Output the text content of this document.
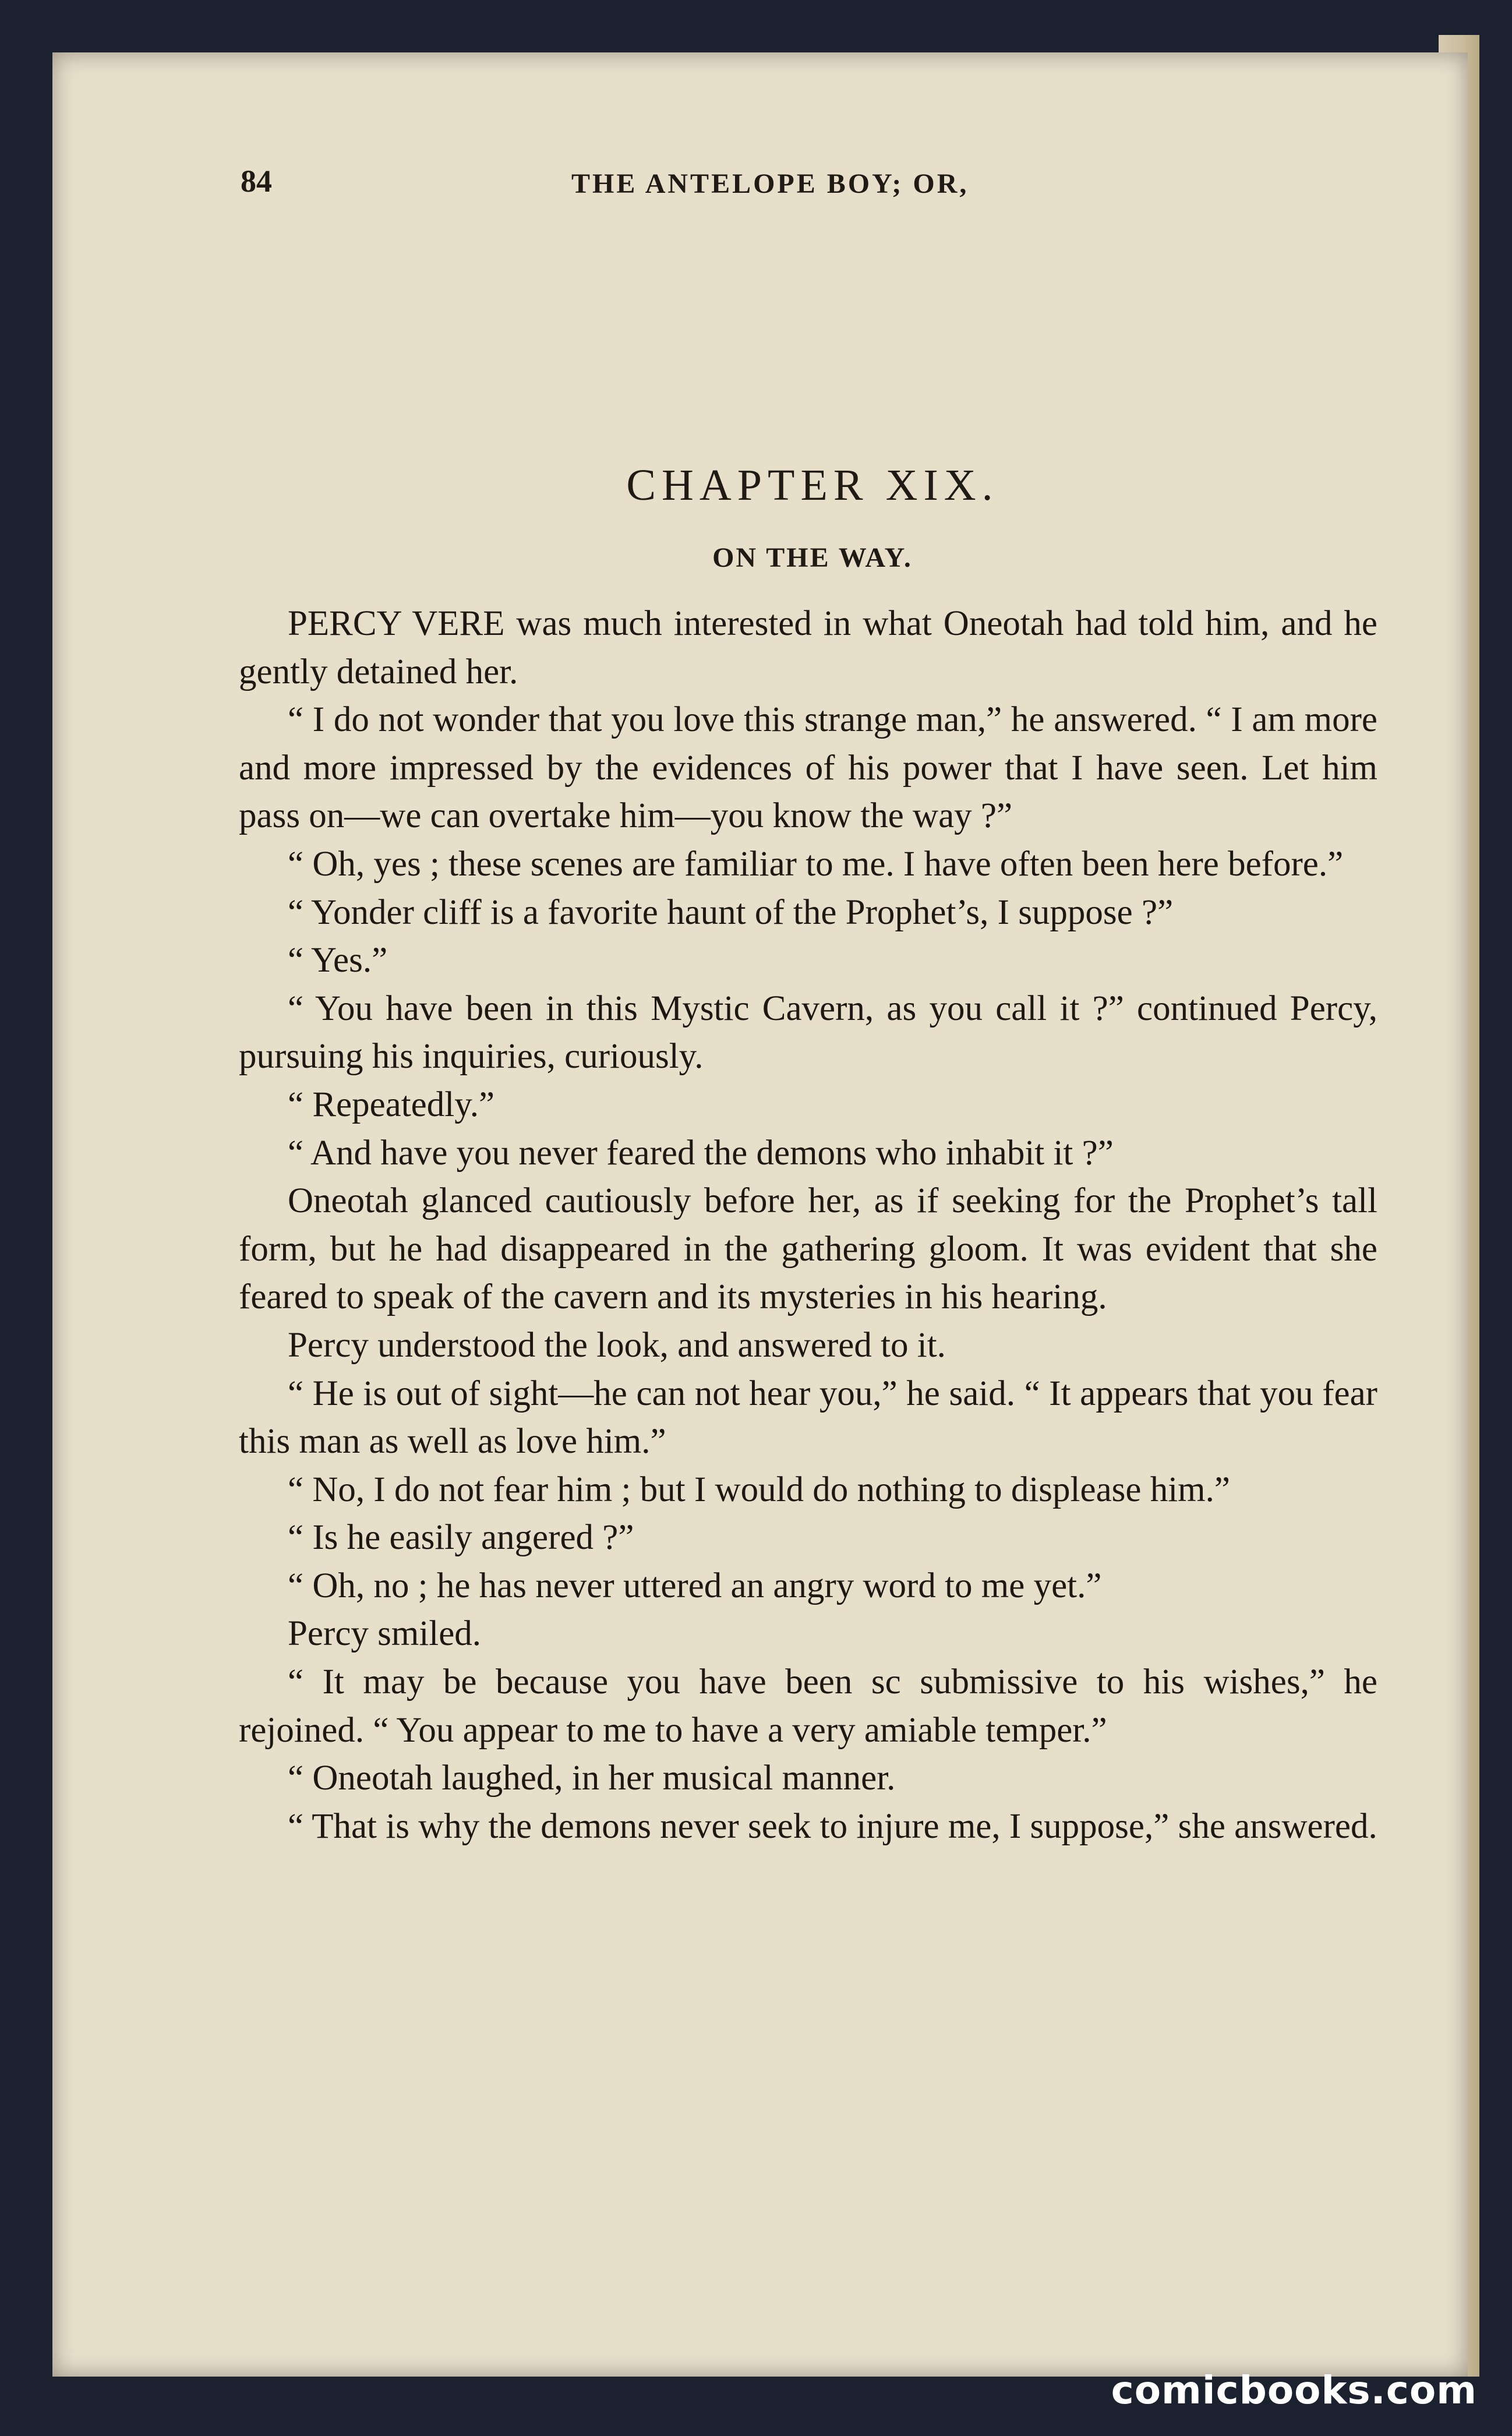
84	THE ANTELOPE BOY; OR,
CHAPTER XIX.
ON THE WAY.

PERCY VERE was much interested in what Oneotah had told him, and he gently detained her.

“ I do not wonder that you love this strange man,” he answered. “ I am more and more impressed by the evidences of his power that I have seen. Let him pass on—we can overtake him—you know the way ?”

“ Oh, yes ; these scenes are familiar to me. I have often been here before.”

“ Yonder cliff is a favorite haunt of the Prophet’s, I suppose ?”

“ Yes.”

“ You have been in this Mystic Cavern, as you call it ?” continued Percy, pursuing his inquiries, curiously.

“ Repeatedly.”

“ And have you never feared the demons who inhabit it ?”

Oneotah glanced cautiously before her, as if seeking for the Prophet’s tall form, but he had disappeared in the gathering gloom. It was evident that she feared to speak of the cavern and its mysteries in his hearing.

Percy understood the look, and answered to it.

“ He is out of sight—he can not hear you,” he said. “ It appears that you fear this man as well as love him.”

“ No, I do not fear him ; but I would do nothing to displease him.”

“ Is he easily angered ?”

“ Oh, no ; he has never uttered an angry word to me yet.”

Percy smiled.

“ It may be because you have been sc submissive to his wishes,” he rejoined. “ You appear to me to have a very amiable temper.”

“ Oneotah laughed, in her musical manner.

“ That is why the demons never seek to injure me, I suppose,” she answered.

comicbooks.com
